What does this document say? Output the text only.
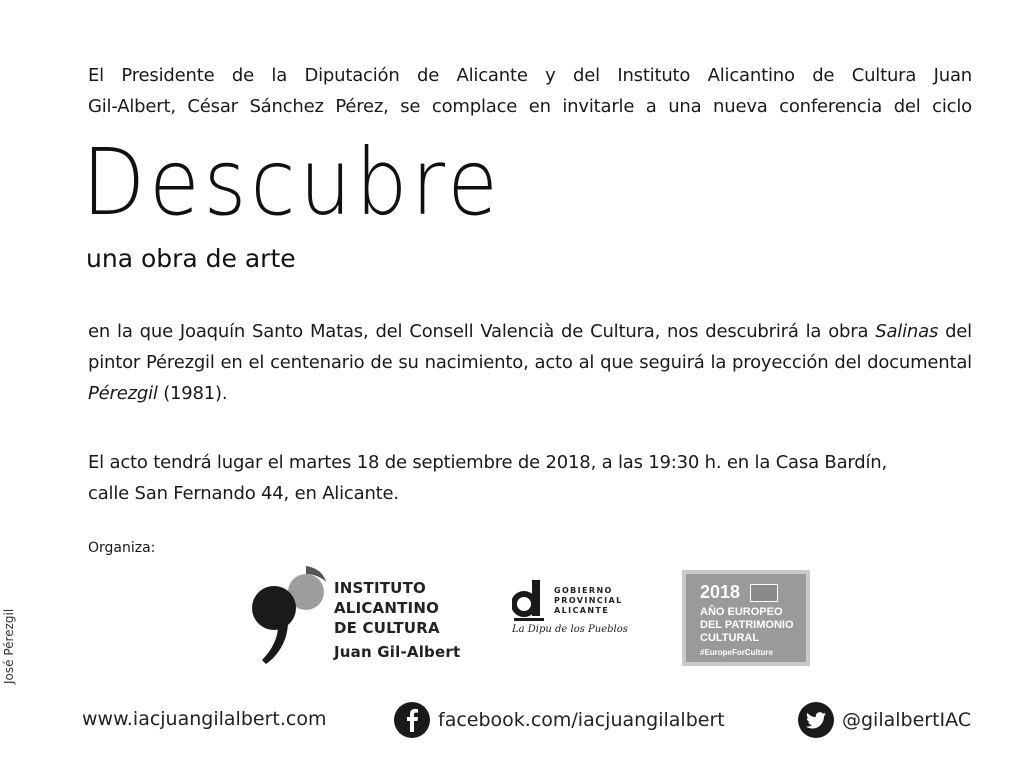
El Presidente de la Diputación de Alicante y del Instituto Alicantino de Cultura Juan

Gil-Albert, César Sánchez Pérez, se complace en invitarle a una nueva conferencia del ciclo

Descubre
una obra de arte

en la que Joaquín Santo Matas, del Consell Valencià de Cultura, nos descubrirá la obra Salinas del pintor Pérezgil en el centenario de su nacimiento, acto al que seguirá la proyección del documental Pérezgil (1981).

El acto tendrá lugar el martes 18 de septiembre de 2018, a las 19:30 h. en la Casa Bardín,

calle San Fernando 44, en Alicante.

Organiza:
José Pérezgil
INSTITUTO
ALICANTINO
DE CULTURA
Juan Gil-Albert
GOBIERNO
PROVINCIAL
ALICANTE
La Dipu de los Pueblos
2018
AÑO EUROPEO
DEL PATRIMONIO
CULTURAL
#EuropeForCulture
www.iacjuangilalbert.com	facebook.com/iacjuangilalbert	@gilalbertIAC
